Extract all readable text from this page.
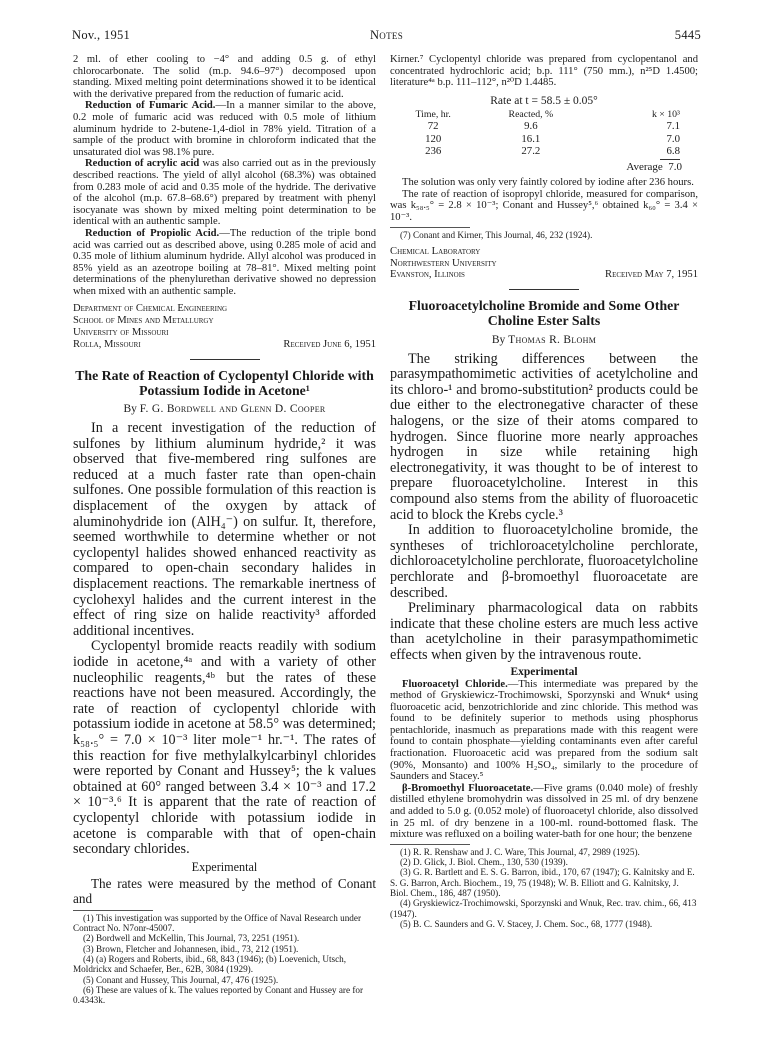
Nov., 1951	Notes	5445

2 ml. of ether cooling to −4° and adding 0.5 g. of ethyl chlorocarbonate. The solid (m.p. 94.6–97°) decomposed upon standing. Mixed melting point determinations showed it to be identical with the derivative prepared from the reduction of fumaric acid.

Reduction of Fumaric Acid.—In a manner similar to the above, 0.2 mole of fumaric acid was reduced with 0.5 mole of lithium aluminum hydride to 2-butene-1,4-diol in 78% yield. Titration of a sample of the product with bromine in chloroform indicated that the unsaturated diol was 98.1% pure.

Reduction of acrylic acid was also carried out as in the previously described reactions. The yield of allyl alcohol (68.3%) was obtained from 0.283 mole of acid and 0.35 mole of the hydride. The derivative of the alcohol (m.p. 67.8–68.6°) prepared by treatment with phenyl isocyanate was shown by mixed melting point determination to be identical with an authentic sample.

Reduction of Propiolic Acid.—The reduction of the triple bond acid was carried out as described above, using 0.285 mole of acid and 0.35 mole of lithium aluminum hydride. Allyl alcohol was produced in 85% yield as an azeotrope boiling at 78–81°. Mixed melting point determinations of the phenylurethan derivative showed no depression when mixed with an authentic sample.

Department of Chemical Engineering
School of Mines and Metallurgy
University of Missouri
Rolla, Missouri	Received June 6, 1951
The Rate of Reaction of Cyclopentyl Chloride with Potassium Iodide in Acetone¹
By F. G. Bordwell and Glenn D. Cooper

In a recent investigation of the reduction of sulfones by lithium aluminum hydride,² it was observed that five-membered ring sulfones are reduced at a much faster rate than open-chain sulfones. One possible formulation of this reaction is displacement of the oxygen by attack of aluminohydride ion (AlH₄⁻) on sulfur. It, therefore, seemed worthwhile to determine whether or not cyclopentyl halides showed enhanced reactivity as compared to open-chain secondary halides in displacement reactions. The remarkable inertness of cyclohexyl halides and the current interest in the effect of ring size on halide reactivity³ afforded additional incentives.

Cyclopentyl bromide reacts readily with sodium iodide in acetone,⁴ᵃ and with a variety of other nucleophilic reagents,⁴ᵇ but the rates of these reactions have not been measured. Accordingly, the rate of reaction of cyclopentyl chloride with potassium iodide in acetone at 58.5° was determined; k₅₈.₅° = 7.0 × 10⁻³ liter mole⁻¹ hr.⁻¹. The rates of this reaction for five methylalkylcarbinyl chlorides were reported by Conant and Hussey⁵; the k values obtained at 60° ranged between 3.4 × 10⁻³ and 17.2 × 10⁻³.⁶ It is apparent that the rate of reaction of cyclopentyl chloride with potassium iodide in acetone is comparable with that of open-chain secondary chlorides.

Experimental

The rates were measured by the method of Conant and

(1) This investigation was supported by the Office of Naval Research under Contract No. N7onr-45007.
(2) Bordwell and McKellin, This Journal, 73, 2251 (1951).
(3) Brown, Fletcher and Johannesen, ibid., 73, 212 (1951).
(4) (a) Rogers and Roberts, ibid., 68, 843 (1946); (b) Loevenich, Utsch, Moldrickx and Schaefer, Ber., 62B, 3084 (1929).
(5) Conant and Hussey, This Journal, 47, 476 (1925).
(6) These are values of k. The values reported by Conant and Hussey are for 0.4343k.

Kirner.⁷ Cyclopentyl chloride was prepared from cyclopentanol and concentrated hydrochloric acid; b.p. 111° (750 mm.), n²⁵D 1.4500; literature⁴ᵃ b.p. 111–112°, n²⁰D 1.4485.

Rate at t = 58.5 ± 0.05°
Time, hr.	Reacted, %	k × 10³
72	9.6	7.1
120	16.1	7.0
236	27.2	6.8
Average 7.0

The solution was only very faintly colored by iodine after 236 hours.

The rate of reaction of isopropyl chloride, measured for comparison, was k₅₈.₅° = 2.8 × 10⁻³; Conant and Hussey⁵,⁶ obtained k₆₀° = 3.4 × 10⁻³.

(7) Conant and Kirner, This Journal, 46, 232 (1924).
Chemical Laboratory
Northwestern University
Evanston, Illinois	Received May 7, 1951
Fluoroacetylcholine Bromide and Some Other Choline Ester Salts
By Thomas R. Blohm

The striking differences between the parasympathomimetic activities of acetylcholine and its chloro-¹ and bromo-substitution² products could be due either to the electronegative character of these halogens, or the size of their atoms compared to hydrogen. Since fluorine more nearly approaches hydrogen in size while retaining high electronegativity, it was thought to be of interest to prepare fluoroacetylcholine. Interest in this compound also stems from the ability of fluoroacetic acid to block the Krebs cycle.³

In addition to fluoroacetylcholine bromide, the syntheses of trichloroacetylcholine perchlorate, dichloroacetylcholine perchlorate, fluoroacetylcholine perchlorate and β-bromoethyl fluoroacetate are described.

Preliminary pharmacological data on rabbits indicate that these choline esters are much less active than acetylcholine in their parasympathomimetic effects when given by the intravenous route.

Experimental

Fluoroacetyl Chloride.—This intermediate was prepared by the method of Gryskiewicz-Trochimowski, Sporzynski and Wnuk⁴ using fluoroacetic acid, benzotrichloride and zinc chloride. This method was found to be definitely superior to methods using phosphorus pentachloride, inasmuch as preparations made with this reagent were found to contain phosphate—yielding contaminants even after careful fractionation. Fluoroacetic acid was prepared from the sodium salt (90%, Monsanto) and 100% H₂SO₄, similarly to the procedure of Saunders and Stacey.⁵

β-Bromoethyl Fluoroacetate.—Five grams (0.040 mole) of freshly distilled ethylene bromohydrin was dissolved in 25 ml. of dry benzene and added to 5.0 g. (0.052 mole) of fluoroacetyl chloride, also dissolved in 25 ml. of dry benzene in a 100-ml. round-bottomed flask. The mixture was refluxed on a boiling water-bath for one hour; the benzene

(1) R. R. Renshaw and J. C. Ware, This Journal, 47, 2989 (1925).
(2) D. Glick, J. Biol. Chem., 130, 530 (1939).
(3) G. R. Bartlett and E. S. G. Barron, ibid., 170, 67 (1947); G. Kalnitsky and E. S. G. Barron, Arch. Biochem., 19, 75 (1948); W. B. Elliott and G. Kalnitsky, J. Biol. Chem., 186, 487 (1950).
(4) Gryskiewicz-Trochimowski, Sporzynski and Wnuk, Rec. trav. chim., 66, 413 (1947).
(5) B. C. Saunders and G. V. Stacey, J. Chem. Soc., 68, 1777 (1948).
